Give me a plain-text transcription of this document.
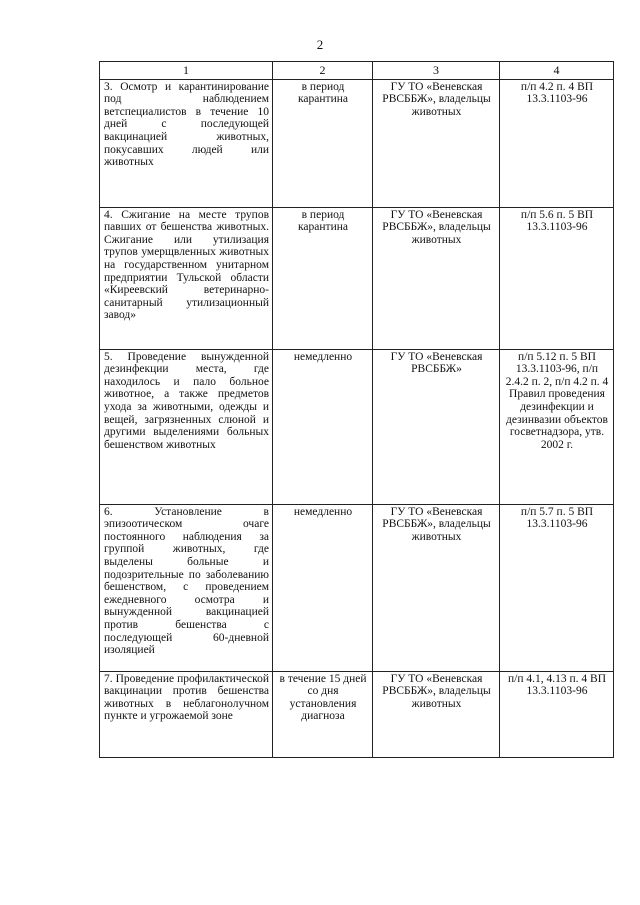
2
1	2	3	4
3. Осмотр и карантинирование под наблюдением ветспециалистов в течение 10 дней с последующей вакцинацией животных, покусавших людей или животных	в период карантина	ГУ ТО «Веневская РВСББЖ», владельцы животных	п/п 4.2 п. 4 ВП 13.3.1103-96
4. Сжигание на месте трупов павших от бешенства животных. Сжигание или утилизация трупов умерщвленных животных на государственном унитарном предприятии Тульской области «Киреевский ветеринарно-санитарный утилизационный завод»	в период карантина	ГУ ТО «Веневская РВСББЖ», владельцы животных	п/п 5.6 п. 5 ВП 13.3.1103-96
5. Проведение вынужденной дезинфекции места, где находилось и пало больное животное, а также предметов ухода за животными, одежды и вещей, загрязненных слюной и другими выделениями больных бешенством животных	немедленно	ГУ ТО «Веневская РВСББЖ»	п/п 5.12 п. 5 ВП 13.3.1103-96, п/п 2.4.2 п. 2, п/п 4.2 п. 4 Правил проведения дезинфекции и дезинвазии объектов госветнадзора, утв. 2002 г.
6. Установление в эпизоотическом очаге постоянного наблюдения за группой животных, где выделены больные и подозрительные по заболеванию бешенством, с проведением ежедневного осмотра и вынужденной вакцинацией против бешенства с последующей 60-дневной изоляцией	немедленно	ГУ ТО «Веневская РВСББЖ», владельцы животных	п/п 5.7 п. 5 ВП 13.3.1103-96
7. Проведение профилактической вакцинации против бешенства животных в неблагонолучном пункте и угрожаемой зоне	в течение 15 дней со дня установления диагноза	ГУ ТО «Веневская РВСББЖ», владельцы животных	п/п 4.1, 4.13 п. 4 ВП 13.3.1103-96
